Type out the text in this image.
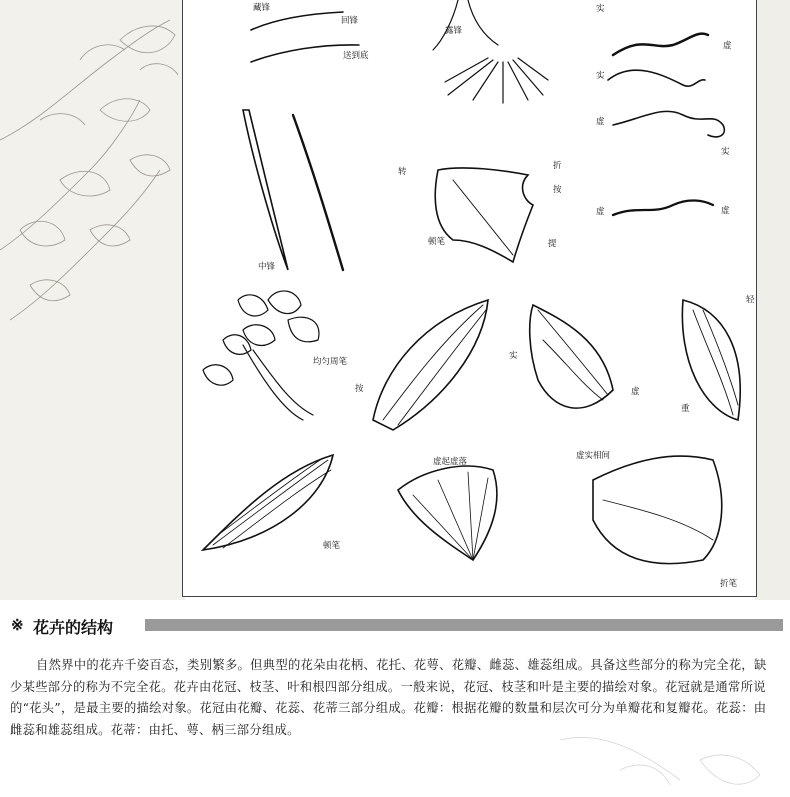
藏锋
回锋
送到底
露锋
实
虚
实
虚
实
虚	虚
中锋
转
折
按
顿笔	提
均匀周笔
按
实
虚
轻
重
虚起虚落
虚实相间
顿笔
折笔
※ 花卉的结构

自然界中的花卉千姿百态，类别繁多。但典型的花朵由花柄、花托、花萼、花瓣、雌蕊、雄蕊组成。具备这些部分的称为完全花，缺少某些部分的称为不完全花。花卉由花冠、枝茎、叶和根四部分组成。一般来说，花冠、枝茎和叶是主要的描绘对象。花冠就是通常所说的“花头”，是最主要的描绘对象。花冠由花瓣、花蕊、花蒂三部分组成。花瓣：根据花瓣的数量和层次可分为单瓣花和复瓣花。花蕊：由雌蕊和雄蕊组成。花蒂：由托、萼、柄三部分组成。
